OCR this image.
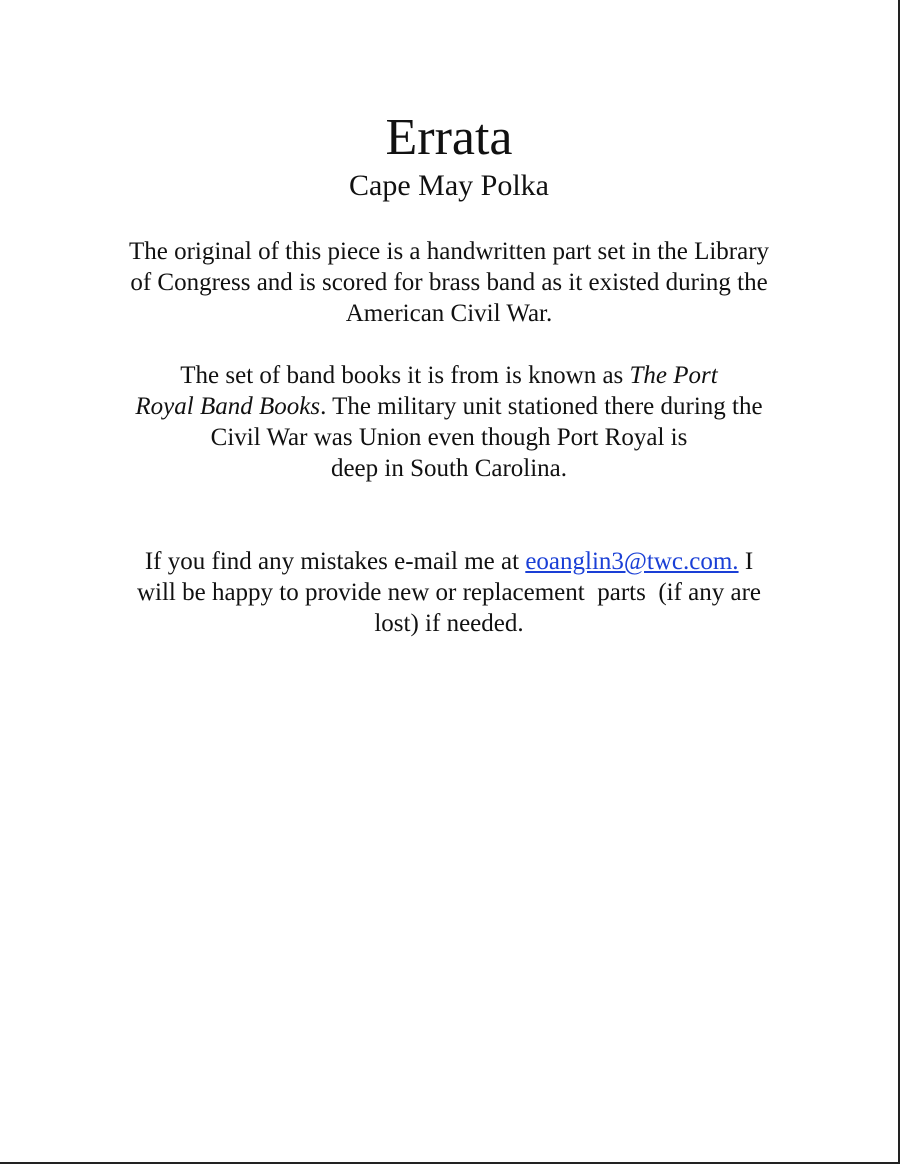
Errata
Cape May Polka

The original of this piece is a handwritten part set in the Library
of Congress and is scored for brass band as it existed during the
American Civil War.

The set of band books it is from is known as The Port
Royal Band Books. The military unit stationed there during the
Civil War was Union even though Port Royal is
deep in South Carolina.

If you find any mistakes e-mail me at eoanglin3@twc.com. I
will be happy to provide new or replacement  parts  (if any are
lost) if needed.
